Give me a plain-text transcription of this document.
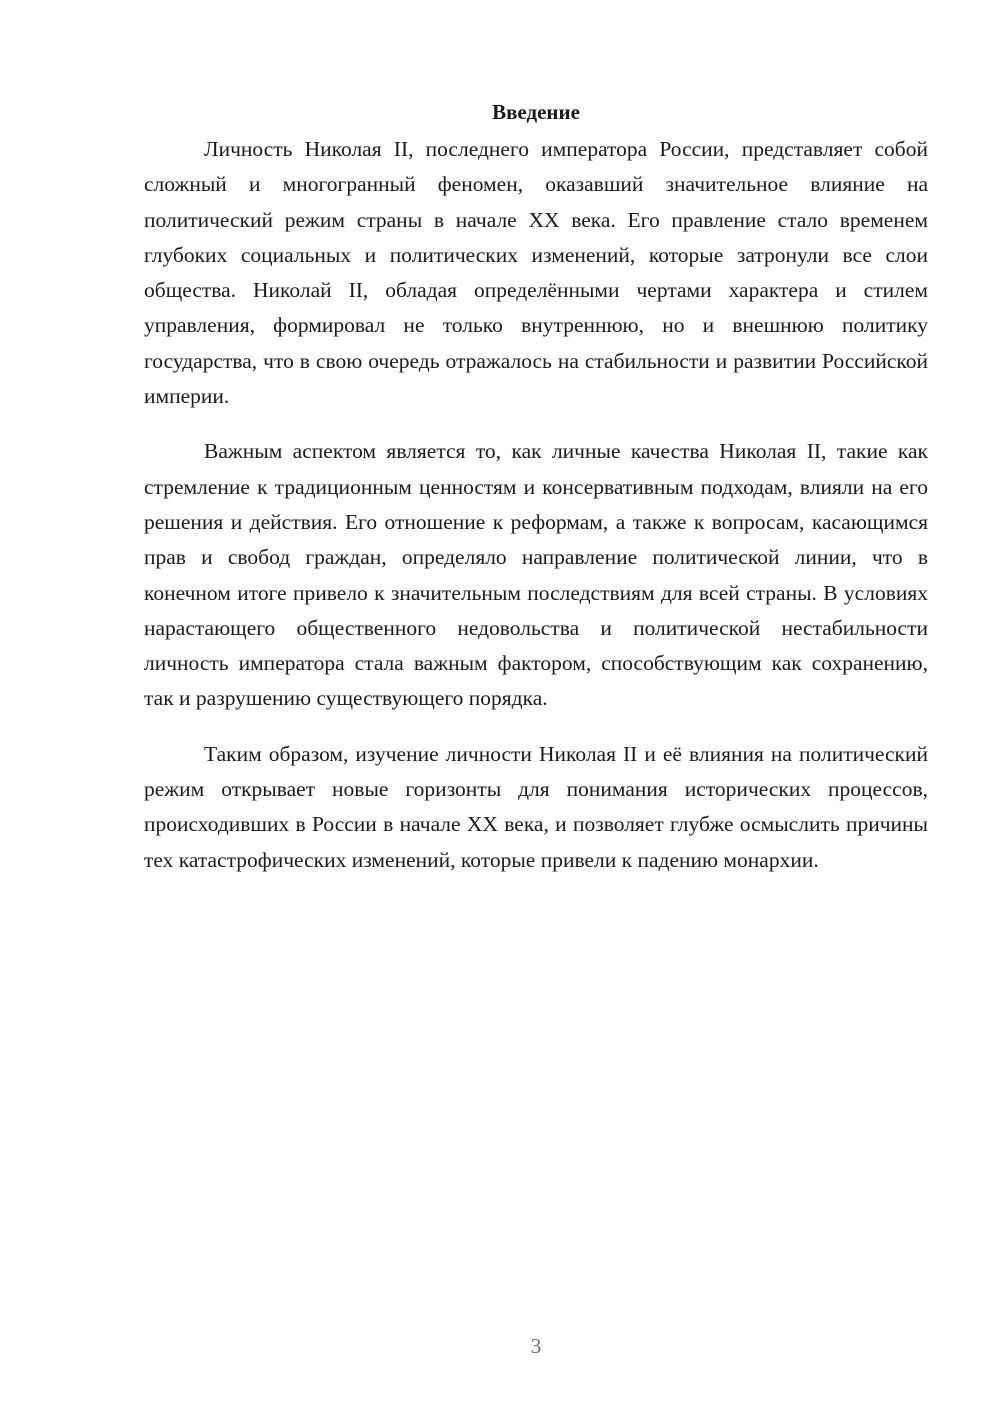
Введение

Личность Николая II, последнего императора России, представляет собой сложный и многогранный феномен, оказавший значительное влияние на политический режим страны в начале XX века. Его правление стало временем глубоких социальных и политических изменений, которые затронули все слои общества. Николай II, обладая определёнными чертами характера и стилем управления, формировал не только внутреннюю, но и внешнюю политику государства, что в свою очередь отражалось на стабильности и развитии Российской империи.

Важным аспектом является то, как личные качества Николая II, такие как стремление к традиционным ценностям и консервативным подходам, влияли на его решения и действия. Его отношение к реформам, а также к вопросам, касающимся прав и свобод граждан, определяло направление политической линии, что в конечном итоге привело к значительным последствиям для всей страны. В условиях нарастающего общественного недовольства и политической нестабильности личность императора стала важным фактором, способствующим как сохранению, так и разрушению существующего порядка.

Таким образом, изучение личности Николая II и её влияния на политический режим открывает новые горизонты для понимания исторических процессов, происходивших в России в начале XX века, и позволяет глубже осмыслить причины тех катастрофических изменений, которые привели к падению монархии.

3
